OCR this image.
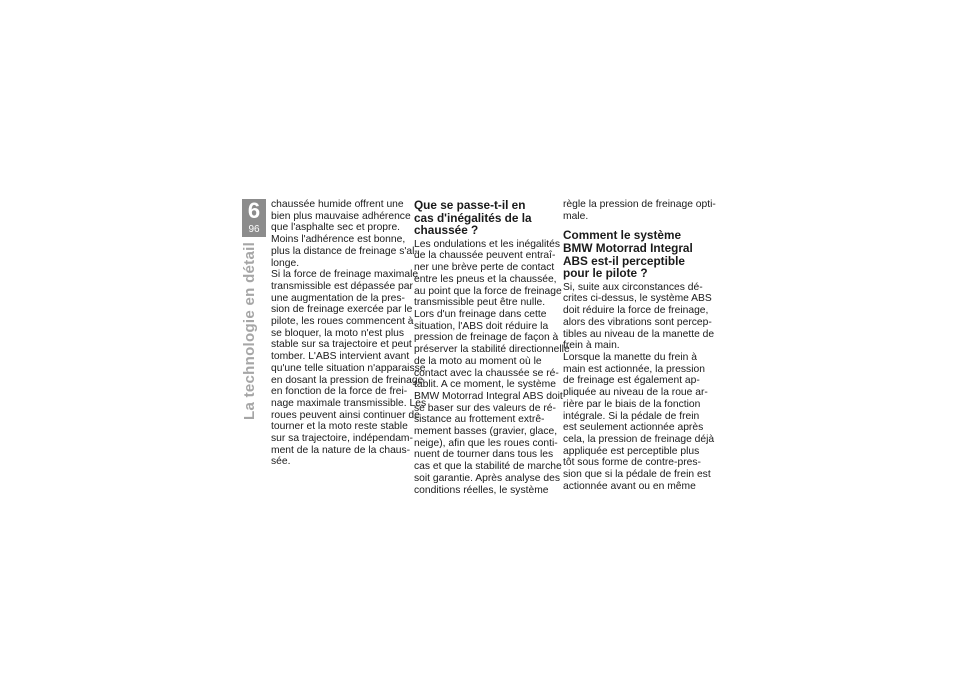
6
96
La technologie en détail
chaussée humide offrent une
bien plus mauvaise adhérence
que l'asphalte sec et propre.
Moins l'adhérence est bonne,
plus la distance de freinage s'al-
longe.
Si la force de freinage maximale
transmissible est dépassée par
une augmentation de la pres-
sion de freinage exercée par le
pilote, les roues commencent à
se bloquer, la moto n'est plus
stable sur sa trajectoire et peut
tomber. L'ABS intervient avant
qu'une telle situation n'apparaisse
en dosant la pression de freinage
en fonction de la force de frei-
nage maximale transmissible. Les
roues peuvent ainsi continuer de
tourner et la moto reste stable
sur sa trajectoire, indépendam-
ment de la nature de la chaus-
sée.
Que se passe-t-il en
cas d'inégalités de la
chaussée ?
Les ondulations et les inégalités
de la chaussée peuvent entraî-
ner une brève perte de contact
entre les pneus et la chaussée,
au point que la force de freinage
transmissible peut être nulle.
Lors d'un freinage dans cette
situation, l'ABS doit réduire la
pression de freinage de façon à
préserver la stabilité directionnelle
de la moto au moment où le
contact avec la chaussée se ré-
tablit. A ce moment, le système
BMW Motorrad Integral ABS doit
se baser sur des valeurs de ré-
sistance au frottement extrê-
mement basses (gravier, glace,
neige), afin que les roues conti-
nuent de tourner dans tous les
cas et que la stabilité de marche
soit garantie. Après analyse des
conditions réelles, le système
règle la pression de freinage opti-
male.
Comment le système
BMW Motorrad Integral
ABS est-il perceptible
pour le pilote ?
Si, suite aux circonstances dé-
crites ci-dessus, le système ABS
doit réduire la force de freinage,
alors des vibrations sont percep-
tibles au niveau de la manette de
frein à main.
Lorsque la manette du frein à
main est actionnée, la pression
de freinage est également ap-
pliquée au niveau de la roue ar-
rière par le biais de la fonction
intégrale. Si la pédale de frein
est seulement actionnée après
cela, la pression de freinage déjà
appliquée est perceptible plus
tôt sous forme de contre-pres-
sion que si la pédale de frein est
actionnée avant ou en même
